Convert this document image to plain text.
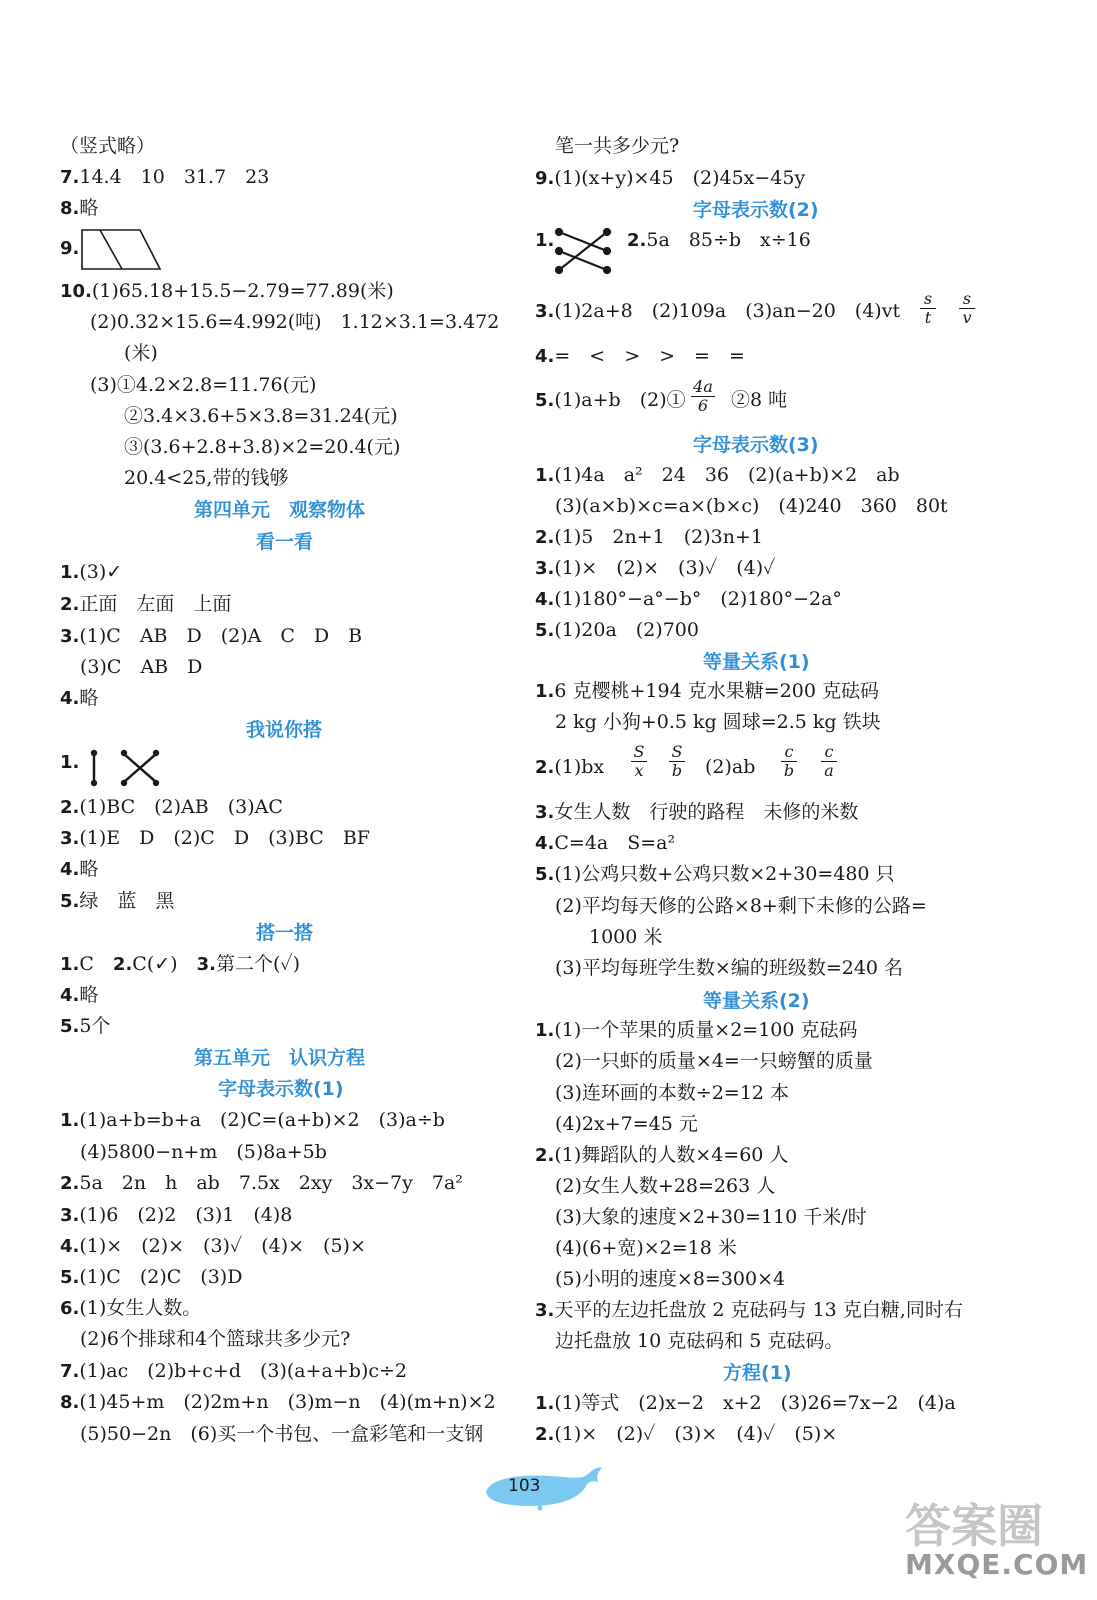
（竖式略）
7.14.4　10　31.7　23
8.略
9.
10.(1)65.18+15.5−2.79=77.89(米)
(2)0.32×15.6=4.992(吨)　1.12×3.1=3.472
(米)
(3)①4.2×2.8=11.76(元)
②3.4×3.6+5×3.8=31.24(元)
③(3.6+2.8+3.8)×2=20.4(元)
20.4<25,带的钱够
第四单元　观察物体
看一看
1.(3)✓
2.正面　左面　上面
3.(1)C　AB　D　(2)A　C　D　B
(3)C　AB　D
4.略
我说你搭
1.
2.(1)BC　(2)AB　(3)AC
3.(1)E　D　(2)C　D　(3)BC　BF
4.略
5.绿　蓝　黑
搭一搭
1.C　2.C(✓)　3.第二个(✓)
4.略
5.5个
第五单元　认识方程
字母表示数(1)
1.(1)a+b=b+a　(2)C=(a+b)×2　(3)a÷b
(4)5800−n+m　(5)8a+5b
2.5a　2n　h　ab　7.5x　2xy　3x−7y　7a²
3.(1)6　(2)2　(3)1　(4)8
4.(1)×　(2)×　(3)✓　(4)×　(5)×
5.(1)C　(2)C　(3)D
6.(1)女生人数。
(2)6个排球和4个篮球共多少元?
7.(1)ac　(2)b+c+d　(3)(a+a+b)c÷2
8.(1)45+m　(2)2m+n　(3)m−n　(4)(m+n)×2
(5)50−2n　(6)买一个书包、一盒彩笔和一支钢
笔一共多少元?
9.(1)(x+y)×45　(2)45x−45y
字母表示数(2)
1.	2.5a　85÷b　x÷16
3.(1)2a+8　(2)109a　(3)an−20　$(4)vt \frac{s}{t} \frac{s}{v}$
4.=　<　>　>　=　=
5.(1)a+b　(2)① $\frac{4a}{6}$ ②8 吨
字母表示数(3)
1.(1)4a　a²　24　36　(2)(a+b)×2　ab
(3)(a×b)×c=a×(b×c)　(4)240　360　80t
2.(1)5　2n+1　(2)3n+1
3.(1)×　(2)×　(3)✓　(4)✓
4.(1)180°−a°−b°　(2)180°−2a°
5.(1)20a　(2)700
等量关系(1)
1.6 克樱桃+194 克水果糖=200 克砝码
2 kg 小狗+0.5 kg 圆球=2.5 kg 铁块
$2.(1)bx \frac{S}{x} \frac{S}{b} (2)ab \frac{c}{b} \frac{c}{a}$
3.女生人数　行驶的路程　未修的米数
4.C=4a　S=a²
5.(1)公鸡只数+公鸡只数×2+30=480 只
(2)平均每天修的公路×8+剩下未修的公路=
1000 米
(3)平均每班学生数×编的班级数=240 名
等量关系(2)
1.(1)一个苹果的质量×2=100 克砝码
(2)一只虾的质量×4=一只螃蟹的质量
(3)连环画的本数÷2=12 本
(4)2x+7=45 元
2.(1)舞蹈队的人数×4=60 人
(2)女生人数+28=263 人
(3)大象的速度×2+30=110 千米/时
(4)(6+宽)×2=18 米
(5)小明的速度×8=300×4
3.天平的左边托盘放 2 克砝码与 13 克白糖,同时右
边托盘放 10 克砝码和 5 克砝码。
方程(1)
1.(1)等式　(2)x−2　x+2　(3)26=7x−2　(4)a
2.(1)×　(2)✓　(3)×　(4)✓　(5)×
103
答案圈
MXQE.COM
